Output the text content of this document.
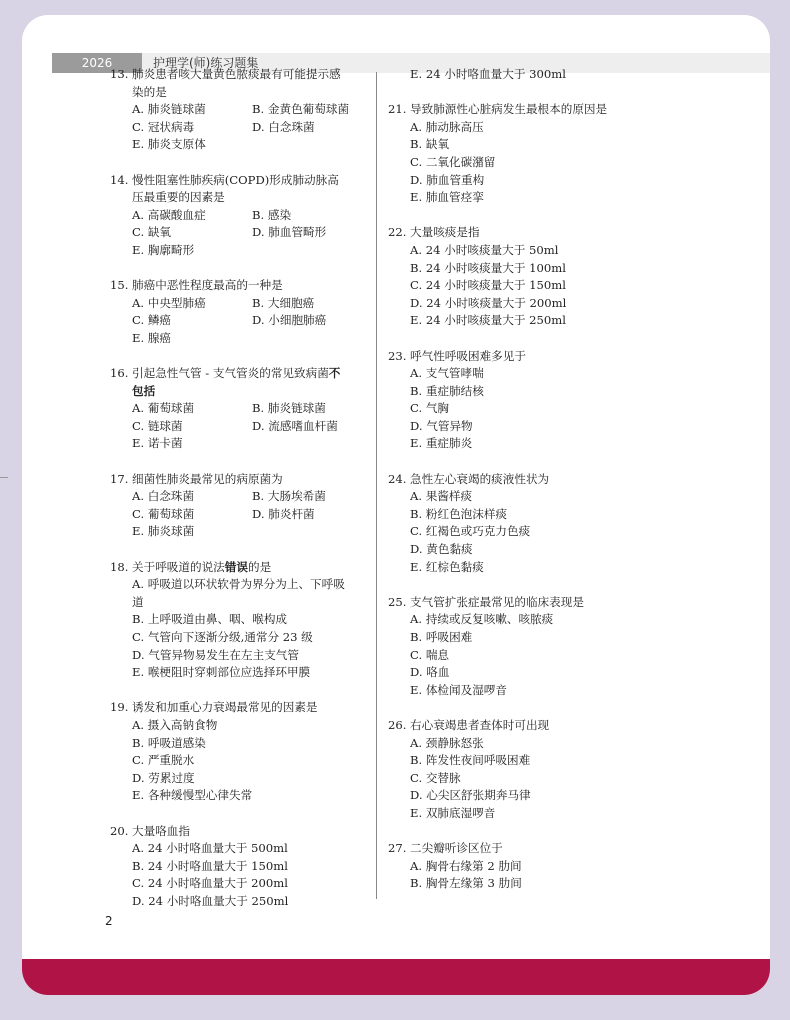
2026	护理学(师)练习题集
13. 肺炎患者咳大量黄色脓痰最有可能提示感染的是
A. 肺炎链球菌	B. 金黄色葡萄球菌
C. 冠状病毒	D. 白念珠菌
E. 肺炎支原体
14. 慢性阻塞性肺疾病(COPD)形成肺动脉高压最重要的因素是
A. 高碳酸血症	B. 感染
C. 缺氧	D. 肺血管畸形
E. 胸廓畸形
15. 肺癌中恶性程度最高的一种是
A. 中央型肺癌	B. 大细胞癌
C. 鳞癌	D. 小细胞肺癌
E. 腺癌
16. 引起急性气管 - 支气管炎的常见致病菌不包括
A. 葡萄球菌	B. 肺炎链球菌
C. 链球菌	D. 流感嗜血杆菌
E. 诺卡菌
17. 细菌性肺炎最常见的病原菌为
A. 白念珠菌	B. 大肠埃希菌
C. 葡萄球菌	D. 肺炎杆菌
E. 肺炎球菌
18. 关于呼吸道的说法错误的是
A. 呼吸道以环状软骨为界分为上、下呼吸道
B. 上呼吸道由鼻、咽、喉构成
C. 气管向下逐渐分级,通常分 23 级
D. 气管异物易发生在左主支气管
E. 喉梗阻时穿刺部位应选择环甲膜
19. 诱发和加重心力衰竭最常见的因素是
A. 摄入高钠食物
B. 呼吸道感染
C. 严重脱水
D. 劳累过度
E. 各种缓慢型心律失常
20. 大量咯血指
A. 24 小时咯血量大于 500ml
B. 24 小时咯血量大于 150ml
C. 24 小时咯血量大于 200ml
D. 24 小时咯血量大于 250ml
E. 24 小时咯血量大于 300ml
21. 导致肺源性心脏病发生最根本的原因是
A. 肺动脉高压
B. 缺氧
C. 二氧化碳潴留
D. 肺血管重构
E. 肺血管痉挛
22. 大量咳痰是指
A. 24 小时咳痰量大于 50ml
B. 24 小时咳痰量大于 100ml
C. 24 小时咳痰量大于 150ml
D. 24 小时咳痰量大于 200ml
E. 24 小时咳痰量大于 250ml
23. 呼气性呼吸困难多见于
A. 支气管哮喘
B. 重症肺结核
C. 气胸
D. 气管异物
E. 重症肺炎
24. 急性左心衰竭的痰液性状为
A. 果酱样痰
B. 粉红色泡沫样痰
C. 红褐色或巧克力色痰
D. 黄色黏痰
E. 红棕色黏痰
25. 支气管扩张症最常见的临床表现是
A. 持续或反复咳嗽、咳脓痰
B. 呼吸困难
C. 喘息
D. 咯血
E. 体检闻及湿啰音
26. 右心衰竭患者查体时可出现
A. 颈静脉怒张
B. 阵发性夜间呼吸困难
C. 交替脉
D. 心尖区舒张期奔马律
E. 双肺底湿啰音
27. 二尖瓣听诊区位于
A. 胸骨右缘第 2 肋间
B. 胸骨左缘第 3 肋间
2
